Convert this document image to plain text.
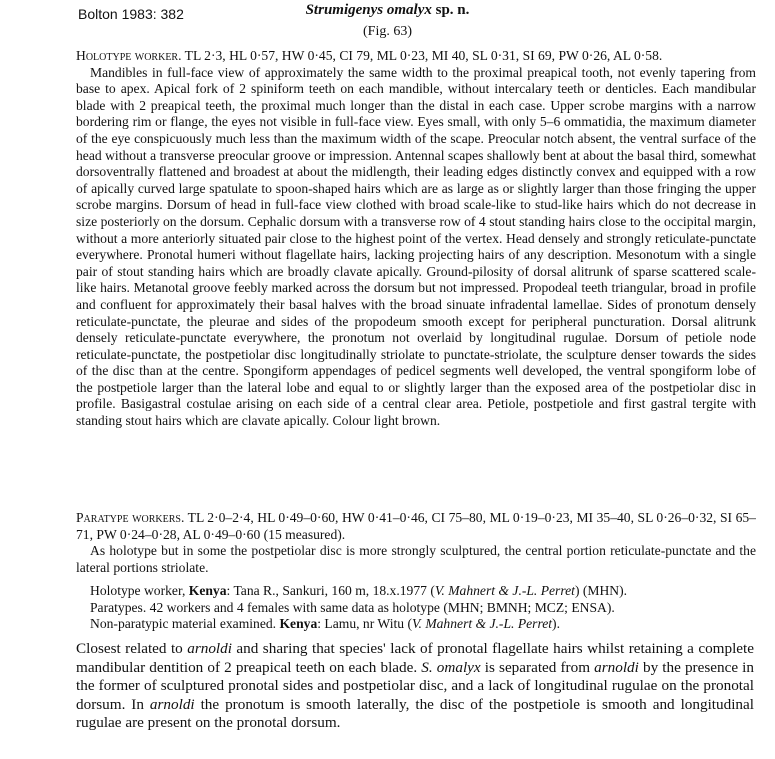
Bolton 1983: 382	Strumigenys omalyx sp. n.
(Fig. 63)

Holotype worker. TL 2·3, HL 0·57, HW 0·45, CI 79, ML 0·23, MI 40, SL 0·31, SI 69, PW 0·26, AL 0·58.
Mandibles in full-face view of approximately the same width to the proximal preapical tooth, not evenly tapering from base to apex. Apical fork of 2 spiniform teeth on each mandible, without intercalary teeth or denticles. Each mandibular blade with 2 preapical teeth, the proximal much longer than the distal in each case. Upper scrobe margins with a narrow bordering rim or flange, the eyes not visible in full-face view. Eyes small, with only 5–6 ommatidia, the maximum diameter of the eye conspicuously much less than the maximum width of the scape. Preocular notch absent, the ventral surface of the head without a transverse preocular groove or impression. Antennal scapes shallowly bent at about the basal third, somewhat dorsoventrally flattened and broadest at about the midlength, their leading edges distinctly convex and equipped with a row of apically curved large spatulate to spoon-shaped hairs which are as large as or slightly larger than those fringing the upper scrobe margins. Dorsum of head in full-face view clothed with broad scale-like to stud-like hairs which do not decrease in size posteriorly on the dorsum. Cephalic dorsum with a transverse row of 4 stout standing hairs close to the occipital margin, without a more anteriorly situated pair close to the highest point of the vertex. Head densely and strongly reticulate-punctate everywhere. Pronotal humeri without flagellate hairs, lacking projecting hairs of any description. Mesonotum with a single pair of stout standing hairs which are broadly clavate apically. Ground-pilosity of dorsal alitrunk of sparse scattered scale-like hairs. Metanotal groove feebly marked across the dorsum but not impressed. Propodeal teeth triangular, broad in profile and confluent for approximately their basal halves with the broad sinuate infradental lamellae. Sides of pronotum densely reticulate-punctate, the pleurae and sides of the propodeum smooth except for peripheral puncturation. Dorsal alitrunk densely reticulate-punctate everywhere, the pronotum not overlaid by longitudinal rugulae. Dorsum of petiole node reticulate-punctate, the postpetiolar disc longitudinally striolate to punctate-striolate, the sculpture denser towards the sides of the disc than at the centre. Spongiform appendages of pedicel segments well developed, the ventral spongiform lobe of the postpetiole larger than the lateral lobe and equal to or slightly larger than the exposed area of the postpetiolar disc in profile. Basigastral costulae arising on each side of a central clear area. Petiole, postpetiole and first gastral tergite with standing stout hairs which are clavate apically. Colour light brown.

Paratype workers. TL 2·0–2·4, HL 0·49–0·60, HW 0·41–0·46, CI 75–80, ML 0·19–0·23, MI 35–40, SL 0·26–0·32, SI 65–71, PW 0·24–0·28, AL 0·49–0·60 (15 measured).

As holotype but in some the postpetiolar disc is more strongly sculptured, the central portion reticulate-punctate and the lateral portions striolate.

Holotype worker, Kenya: Tana R., Sankuri, 160 m, 18.x.1977 (V. Mahnert & J.-L. Perret) (MHN).
Paratypes. 42 workers and 4 females with same data as holotype (MHN; BMNH; MCZ; ENSA).
Non-paratypic material examined. Kenya: Lamu, nr Witu (V. Mahnert & J.-L. Perret).

Closest related to arnoldi and sharing that species' lack of pronotal flagellate hairs whilst retaining a complete mandibular dentition of 2 preapical teeth on each blade. S. omalyx is separated from arnoldi by the presence in the former of sculptured pronotal sides and postpetiolar disc, and a lack of longitudinal rugulae on the pronotal dorsum. In arnoldi the pronotum is smooth laterally, the disc of the postpetiole is smooth and longitudinal rugulae are present on the pronotal dorsum.
